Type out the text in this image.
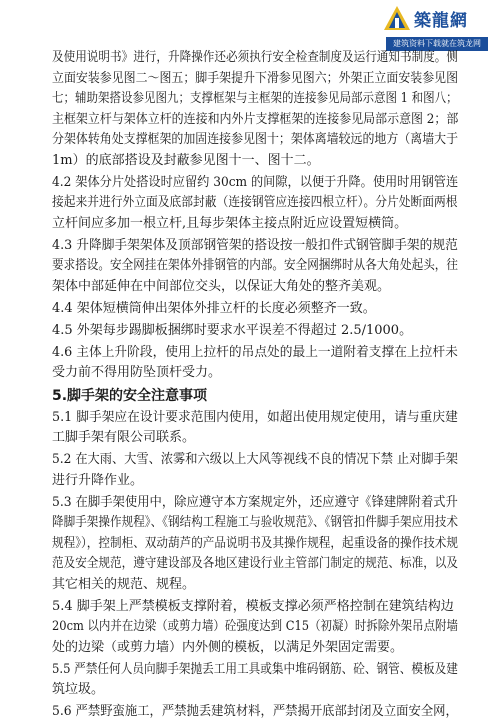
築龍網
建筑资料下载就在筑龙网
及使用说明书》进行，升降操作还必须执行安全检查制度及运行通知书制度。侧
立面安装参见图二～图五；脚手架提升下滑参见图六；外架正立面安装参见图
七；辅助架搭设参见图九；支撑框架与主框架的连接参见局部示意图 1 和图八；
主框架立杆与架体立杆的连接和内外片支撑框架的连接参见局部示意图 2；部
分架体转角处支撑框架的加固连接参见图十；架体离墙较远的地方（离墙大于
1m）的底部搭设及封蔽参见图十一、图十二。
4.2 架体分片处搭设时应留约 30cm 的间隙，以便于升降。使用时用钢管连
接起来并进行外立面及底部封蔽（连接钢管应连接四根立杆）。分片处断面两根
立杆间应多加一根立杆,且每步架体主接点附近应设置短横筒。
4.3 升降脚手架架体及顶部钢管架的搭设按一般扣件式钢管脚手架的规范
要求搭设。安全网挂在架体外排钢管的内部。安全网捆绑时从各大角处起头，往
架体中部延伸在中间部位交头，以保证大角处的整齐美观。
4.4 架体短横筒伸出架体外排立杆的长度必须整齐一致。
4.5 外架每步踢脚板捆绑时要求水平误差不得超过 2.5/1000。
4.6 主体上升阶段，使用上拉杆的吊点处的最上一道附着支撑在上拉杆未
受力前不得用防坠顶杆受力。
5.脚手架的安全注意事项
5.1 脚手架应在设计要求范围内使用，如超出使用规定使用，请与重庆建
工脚手架有限公司联系。
5.2 在大雨、大雪、浓雾和六级以上大风等视线不良的情况下禁 止对脚手架
进行升降作业。
5.3 在脚手架使用中，除应遵守本方案规定外，还应遵守《锋建牌附着式升
降脚手架操作规程》、《钢结构工程施工与验收规范》、《钢管扣件脚手架应用技术
规程》），控制柜、双动葫芦的产品说明书及其操作规程，起重设备的操作技术规
范及安全规范，遵守建设部及各地区建设行业主管部门制定的规范、标准，以及
其它相关的规范、规程。
5.4 脚手架上严禁模板支撑附着，模板支撑必须严格控制在建筑结构边
20cm 以内并在边梁（或剪力墙）砼强度达到 C15（初凝）时拆除外架吊点附墙
处的边梁（或剪力墙）内外侧的模板，以满足外架固定需要。
5.5 严禁任何人员向脚手架抛丢工用工具或集中堆码钢筋、砼、钢管、模板及建
筑垃圾。
5.6 严禁野蛮施工，严禁抛丢建筑材料，严禁揭开底部封闭及立面安全网，
